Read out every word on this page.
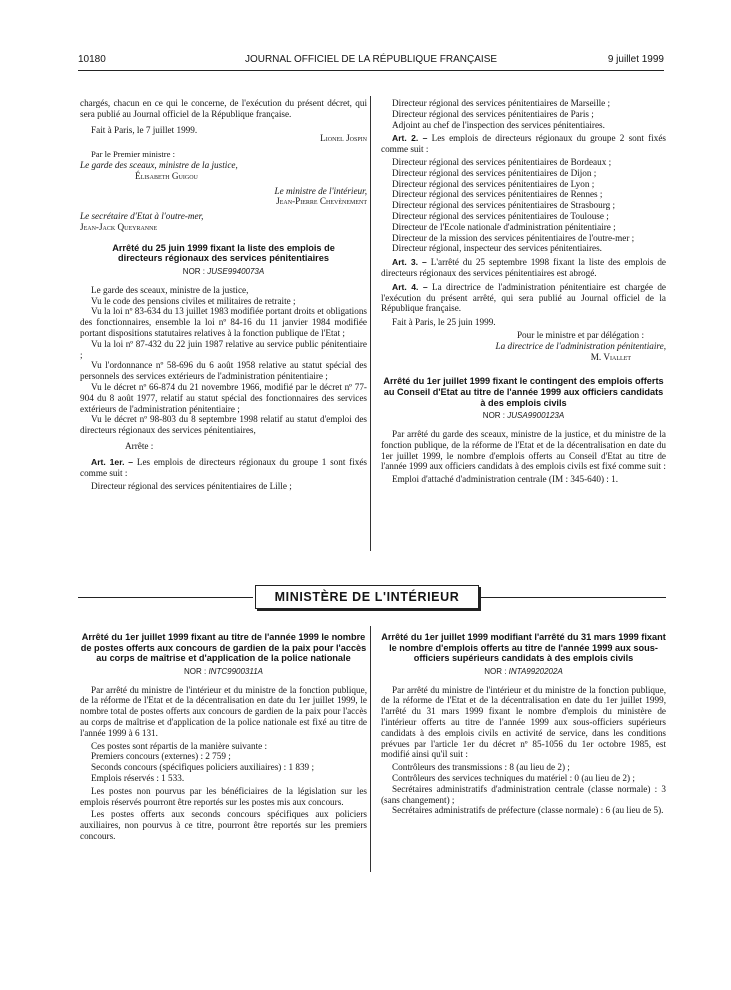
10180	JOURNAL OFFICIEL DE LA RÉPUBLIQUE FRANÇAISE	9 juillet 1999

chargés, chacun en ce qui le concerne, de l'exécution du présent décret, qui sera publié au Journal officiel de la République française.

Fait à Paris, le 7 juillet 1999.

Lionel Jospin

Par le Premier ministre :

Le garde des sceaux, ministre de la justice,

Élisabeth Guigou

Le ministre de l'intérieur,

Jean-Pierre Chevènement

Le secrétaire d'Etat à l'outre-mer,

Jean-Jack Queyranne

Arrêté du 25 juin 1999 fixant la liste des emplois de directeurs régionaux des services pénitentiaires

NOR : JUSE9940073A

Le garde des sceaux, ministre de la justice,

Vu le code des pensions civiles et militaires de retraite ;

Vu la loi nº 83-634 du 13 juillet 1983 modifiée portant droits et obligations des fonctionnaires, ensemble la loi nº 84-16 du 11 janvier 1984 modifiée portant dispositions statutaires relatives à la fonction publique de l'Etat ;

Vu la loi nº 87-432 du 22 juin 1987 relative au service public pénitentiaire ;

Vu l'ordonnance nº 58-696 du 6 août 1958 relative au statut spécial des personnels des services extérieurs de l'administration pénitentiaire ;

Vu le décret nº 66-874 du 21 novembre 1966, modifié par le décret nº 77-904 du 8 août 1977, relatif au statut spécial des fonctionnaires des services extérieurs de l'administration pénitentiaire ;

Vu le décret nº 98-803 du 8 septembre 1998 relatif au statut d'emploi des directeurs régionaux des services pénitentiaires,

Arrête :

Art. 1er. – Les emplois de directeurs régionaux du groupe 1 sont fixés comme suit :

Directeur régional des services pénitentiaires de Lille ;

Directeur régional des services pénitentiaires de Marseille ;

Directeur régional des services pénitentiaires de Paris ;

Adjoint au chef de l'inspection des services pénitentiaires.

Art. 2. – Les emplois de directeurs régionaux du groupe 2 sont fixés comme suit :

Directeur régional des services pénitentiaires de Bordeaux ;

Directeur régional des services pénitentiaires de Dijon ;

Directeur régional des services pénitentiaires de Lyon ;

Directeur régional des services pénitentiaires de Rennes ;

Directeur régional des services pénitentiaires de Strasbourg ;

Directeur régional des services pénitentiaires de Toulouse ;

Directeur de l'Ecole nationale d'administration pénitentiaire ;

Directeur de la mission des services pénitentiaires de l'outre-mer ;

Directeur régional, inspecteur des services pénitentiaires.

Art. 3. – L'arrêté du 25 septembre 1998 fixant la liste des emplois de directeurs régionaux des services pénitentiaires est abrogé.

Art. 4. – La directrice de l'administration pénitentiaire est chargée de l'exécution du présent arrêté, qui sera publié au Journal officiel de la République française.

Fait à Paris, le 25 juin 1999.

Pour le ministre et par délégation :

La directrice de l'administration pénitentiaire,

M. Viallet

Arrêté du 1er juillet 1999 fixant le contingent des emplois offerts au Conseil d'Etat au titre de l'année 1999 aux officiers candidats à des emplois civils

NOR : JUSA9900123A

Par arrêté du garde des sceaux, ministre de la justice, et du ministre de la fonction publique, de la réforme de l'Etat et de la décentralisation en date du 1er juillet 1999, le nombre d'emplois offerts au Conseil d'Etat au titre de l'année 1999 aux officiers candidats à des emplois civils est fixé comme suit :

Emploi d'attaché d'administration centrale (IM : 345-640) : 1.

MINISTÈRE DE L'INTÉRIEUR

Arrêté du 1er juillet 1999 fixant au titre de l'année 1999 le nombre de postes offerts aux concours de gardien de la paix pour l'accès au corps de maîtrise et d'application de la police nationale

NOR : INTC9900311A

Par arrêté du ministre de l'intérieur et du ministre de la fonction publique, de la réforme de l'Etat et de la décentralisation en date du 1er juillet 1999, le nombre total de postes offerts aux concours de gardien de la paix pour l'accès au corps de maîtrise et d'application de la police nationale est fixé au titre de l'année 1999 à 6 131.

Ces postes sont répartis de la manière suivante :

Premiers concours (externes) : 2 759 ;

Seconds concours (spécifiques policiers auxiliaires) : 1 839 ;

Emplois réservés : 1 533.

Les postes non pourvus par les bénéficiaires de la législation sur les emplois réservés pourront être reportés sur les postes mis aux concours.

Les postes offerts aux seconds concours spécifiques aux policiers auxiliaires, non pourvus à ce titre, pourront être reportés sur les premiers concours.

Arrêté du 1er juillet 1999 modifiant l'arrêté du 31 mars 1999 fixant le nombre d'emplois offerts au titre de l'année 1999 aux sous-officiers supérieurs candidats à des emplois civils

NOR : INTA9920202A

Par arrêté du ministre de l'intérieur et du ministre de la fonction publique, de la réforme de l'Etat et de la décentralisation en date du 1er juillet 1999, l'arrêté du 31 mars 1999 fixant le nombre d'emplois du ministère de l'intérieur offerts au titre de l'année 1999 aux sous-officiers supérieurs candidats à des emplois civils en activité de service, dans les conditions prévues par l'article 1er du décret nº 85-1056 du 1er octobre 1985, est modifié ainsi qu'il suit :

Contrôleurs des transmissions : 8 (au lieu de 2) ;

Contrôleurs des services techniques du matériel : 0 (au lieu de 2) ;

Secrétaires administratifs d'administration centrale (classe normale) : 3 (sans changement) ;

Secrétaires administratifs de préfecture (classe normale) : 6 (au lieu de 5).
